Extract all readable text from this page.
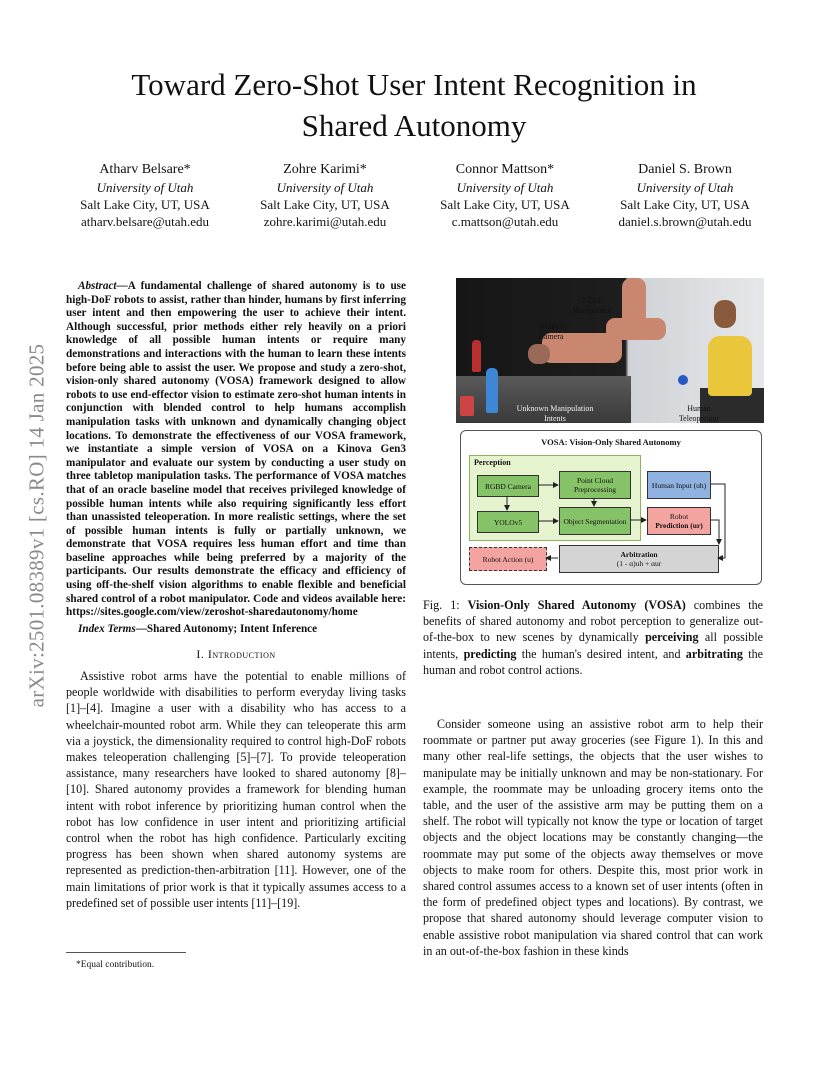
arXiv:2501.08389v1 [cs.RO] 14 Jan 2025
Toward Zero-Shot User Intent Recognition in
Shared Autonomy
Atharv Belsare*
University of Utah
Salt Lake City, UT, USA
atharv.belsare@utah.edu
Zohre Karimi*
University of Utah
Salt Lake City, UT, USA
zohre.karimi@utah.edu
Connor Mattson*
University of Utah
Salt Lake City, UT, USA
c.mattson@utah.edu
Daniel S. Brown
University of Utah
Salt Lake City, UT, USA
daniel.s.brown@utah.edu

Abstract—A fundamental challenge of shared autonomy is to use high-DoF robots to assist, rather than hinder, humans by first inferring user intent and then empowering the user to achieve their intent. Although successful, prior methods either rely heavily on a priori knowledge of all possible human intents or require many demonstrations and interactions with the human to learn these intents before being able to assist the user. We propose and study a zero-shot, vision-only shared autonomy (VOSA) framework designed to allow robots to use end-effector vision to estimate zero-shot human intents in conjunction with blended control to help humans accomplish manipulation tasks with unknown and dynamically changing object locations. To demonstrate the effectiveness of our VOSA framework, we instantiate a simple version of VOSA on a Kinova Gen3 manipulator and evaluate our system by conducting a user study on three tabletop manipulation tasks. The performance of VOSA matches that of an oracle baseline model that receives privileged knowledge of possible human intents while also requiring significantly less effort than unassisted teleoperation. In more realistic settings, where the set of possible human intents is fully or partially unknown, we demonstrate that VOSA requires less human effort and time than baseline approaches while being preferred by a majority of the participants. Our results demonstrate the efficacy and efficiency of using off-the-shelf vision algorithms to enable flexible and beneficial shared control of a robot manipulator. Code and videos available here: https://sites.google.com/view/zeroshot-sharedautonomy/home

Index Terms—Shared Autonomy; Intent Inference

I. Introduction

Assistive robot arms have the potential to enable millions of people worldwide with disabilities to perform everyday living tasks [1]–[4]. Imagine a user with a disability who has access to a wheelchair-mounted robot arm. While they can teleoperate this arm via a joystick, the dimensionality required to control high-DoF robots makes teleoperation challenging [5]–[7]. To provide teleoperation assistance, many researchers have looked to shared autonomy [8]–[10]. Shared autonomy provides a framework for blending human intent with robot inference by prioritizing human control when the robot has low confidence in user intent and prioritizing artificial control when the robot has high confidence. Particularly exciting progress has been shown when shared autonomy systems are represented as prediction-then-arbitration [11]. However, one of the main limitations of prior work is that it typically assumes access to a predefined set of possible user intents [11]–[19].

*Equal contribution.
7-DoF Manipulator
RGBD Camera
Unknown Manipulation Intents
Human Teleoperator
VOSA: Vision-Only Shared Autonomy
Perception
RGBD Camera
Point Cloud Preprocessing
YOLOv5	Object Segmentation
Human Input (uh)
Robot
Prediction (ur)
Robot Action (u)	Arbitration
(1 - α)uh + αur
Fig. 1: Vision-Only Shared Autonomy (VOSA) combines the benefits of shared autonomy and robot perception to generalize out-of-the-box to new scenes by dynamically perceiving all possible intents, predicting the human's desired intent, and arbitrating the human and robot control actions.

Consider someone using an assistive robot arm to help their roommate or partner put away groceries (see Figure 1). In this and many other real-life settings, the objects that the user wishes to manipulate may be initially unknown and may be non-stationary. For example, the roommate may be unloading grocery items onto the table, and the user of the assistive arm may be putting them on a shelf. The robot will typically not know the type or location of target objects and the object locations may be constantly changing—the roommate may put some of the objects away themselves or move objects to make room for others. Despite this, most prior work in shared control assumes access to a known set of user intents (often in the form of predefined object types and locations). By contrast, we propose that shared autonomy should leverage computer vision to enable assistive robot manipulation via shared control that can work in an out-of-the-box fashion in these kinds
